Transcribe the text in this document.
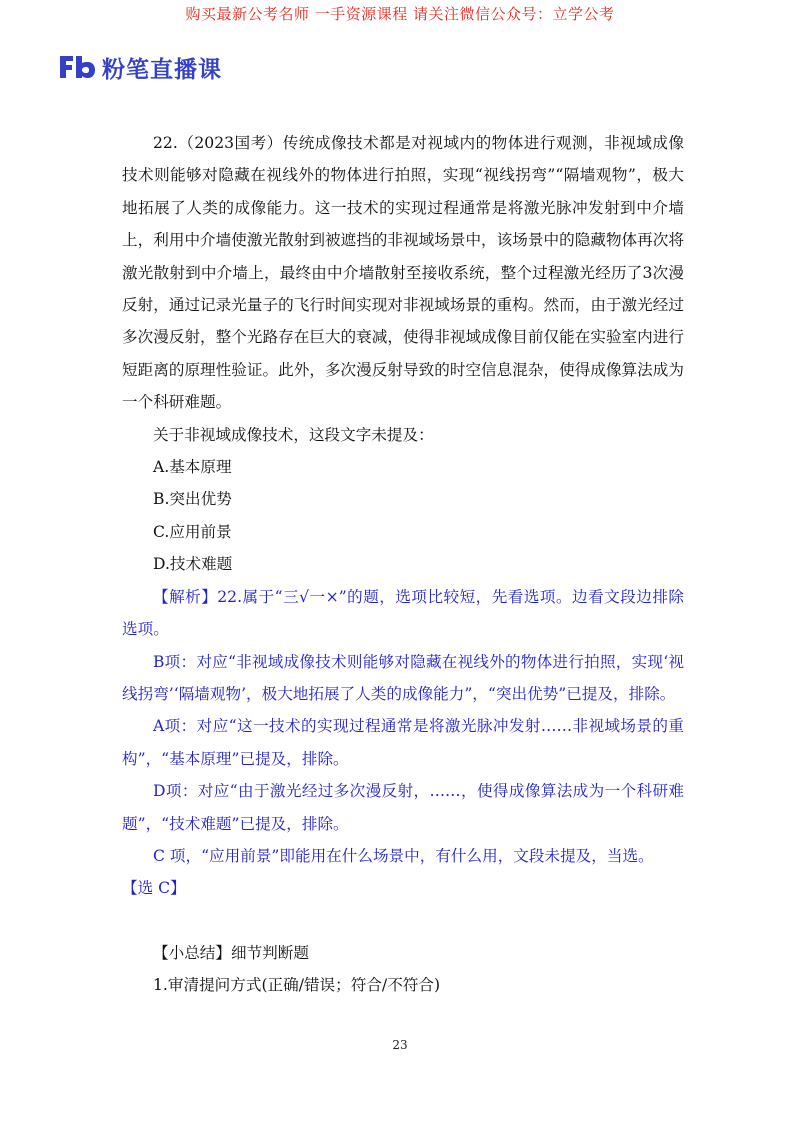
购买最新公考名师 一手资源课程 请关注微信公众号：立学公考
粉笔直播课

22.（2023国考）传统成像技术都是对视域内的物体进行观测，非视域成像技术则能够对隐藏在视线外的物体进行拍照，实现“视线拐弯”“隔墙观物”，极大地拓展了人类的成像能力。这一技术的实现过程通常是将激光脉冲发射到中介墙上，利用中介墙使激光散射到被遮挡的非视域场景中，该场景中的隐藏物体再次将激光散射到中介墙上，最终由中介墙散射至接收系统，整个过程激光经历了3次漫反射，通过记录光量子的飞行时间实现对非视域场景的重构。然而，由于激光经过多次漫反射，整个光路存在巨大的衰减，使得非视域成像目前仅能在实验室内进行短距离的原理性验证。此外，多次漫反射导致的时空信息混杂，使得成像算法成为一个科研难题。

关于非视域成像技术，这段文字未提及：

A.基本原理

B.突出优势

C.应用前景

D.技术难题

【解析】22.属于“三√一×”的题，选项比较短，先看选项。边看文段边排除选项。

B项：对应“非视域成像技术则能够对隐藏在视线外的物体进行拍照，实现‘视线拐弯’‘隔墙观物’，极大地拓展了人类的成像能力”，“突出优势”已提及，排除。

A项：对应“这一技术的实现过程通常是将激光脉冲发射……非视域场景的重构”，“基本原理”已提及，排除。

D项：对应“由于激光经过多次漫反射，……，使得成像算法成为一个科研难题”，“技术难题”已提及，排除。

C 项，“应用前景”即能用在什么场景中，有什么用，文段未提及，当选。

【选 C】

【小总结】细节判断题

1.审清提问方式(正确/错误；符合/不符合)

23
